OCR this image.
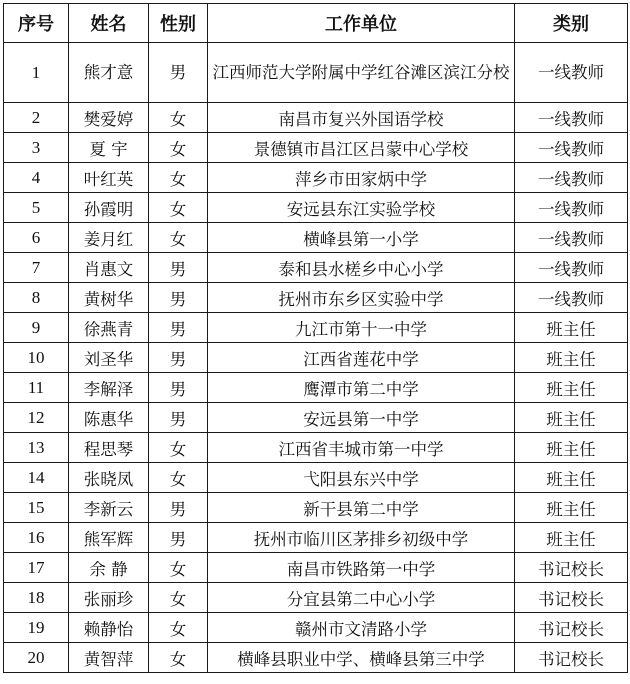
序号	姓名	性别	工作单位	类别
1	熊才意	男	江西师范大学附属中学红谷滩区滨江分校	一线教师
2	樊爱婷	女	南昌市复兴外国语学校	一线教师
3	夏 宇	女	景德镇市昌江区吕蒙中心学校	一线教师
4	叶红英	女	萍乡市田家炳中学	一线教师
5	孙霞明	女	安远县东江实验学校	一线教师
6	姜月红	女	横峰县第一小学	一线教师
7	肖惠文	男	泰和县水槎乡中心小学	一线教师
8	黄树华	男	抚州市东乡区实验中学	一线教师
9	徐燕青	男	九江市第十一中学	班主任
10	刘圣华	男	江西省莲花中学	班主任
11	李解泽	男	鹰潭市第二中学	班主任
12	陈惠华	男	安远县第一中学	班主任
13	程思琴	女	江西省丰城市第一中学	班主任
14	张晓凤	女	弋阳县东兴中学	班主任
15	李新云	男	新干县第二中学	班主任
16	熊军辉	男	抚州市临川区茅排乡初级中学	班主任
17	余 静	女	南昌市铁路第一中学	书记校长
18	张丽珍	女	分宜县第二中心小学	书记校长
19	赖静怡	女	赣州市文清路小学	书记校长
20	黄智萍	女	横峰县职业中学、横峰县第三中学	书记校长
